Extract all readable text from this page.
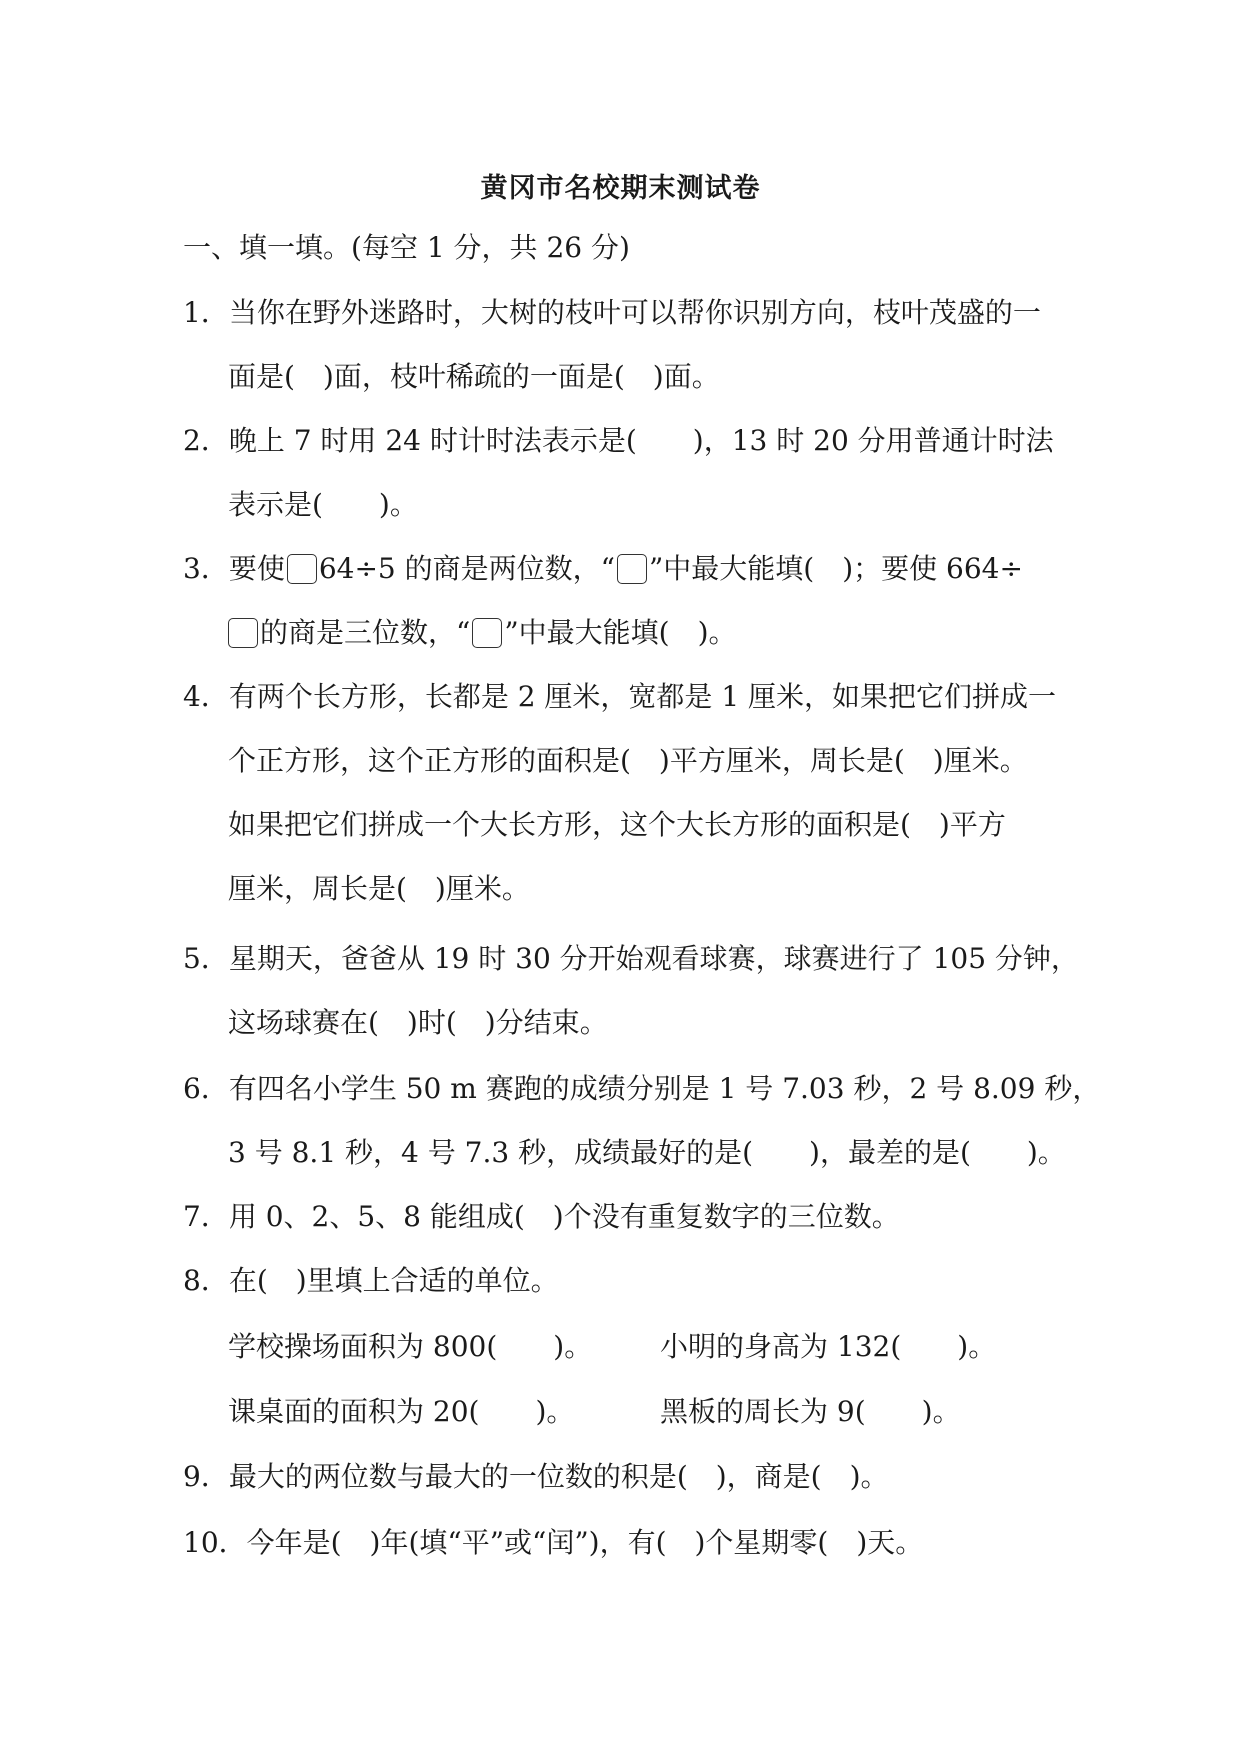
黄冈市名校期末测试卷
一、填一填。(每空 1 分，共 26 分)
1．当你在野外迷路时，大树的枝叶可以帮你识别方向，枝叶茂盛的一
面是(　)面，枝叶稀疏的一面是(　)面。
2．晚上 7 时用 24 时计时法表示是(　　)，13 时 20 分用普通计时法
表示是(　　)。
3．要使 64÷5 的商是两位数，“ ”中最大能填(　)；要使 664÷
的商是三位数，“ ”中最大能填(　)。
4．有两个长方形，长都是 2 厘米，宽都是 1 厘米，如果把它们拼成一
个正方形，这个正方形的面积是(　)平方厘米，周长是(　)厘米。
如果把它们拼成一个大长方形，这个大长方形的面积是(　)平方
厘米，周长是(　)厘米。
5．星期天，爸爸从 19 时 30 分开始观看球赛，球赛进行了 105 分钟，
这场球赛在(　)时(　)分结束。
6．有四名小学生 50 m 赛跑的成绩分别是 1 号 7.03 秒，2 号 8.09 秒，
3 号 8.1 秒，4 号 7.3 秒，成绩最好的是(　　)，最差的是(　　)。
7．用 0、2、5、8 能组成(　)个没有重复数字的三位数。
8．在(　)里填上合适的单位。
学校操场面积为 800(　　)。 小明的身高为 132(　　)。
课桌面的面积为 20(　　)。	黑板的周长为 9(　　)。
9．最大的两位数与最大的一位数的积是(　)，商是(　)。
10．今年是(　)年(填“平”或“闰”)，有(　)个星期零(　)天。
